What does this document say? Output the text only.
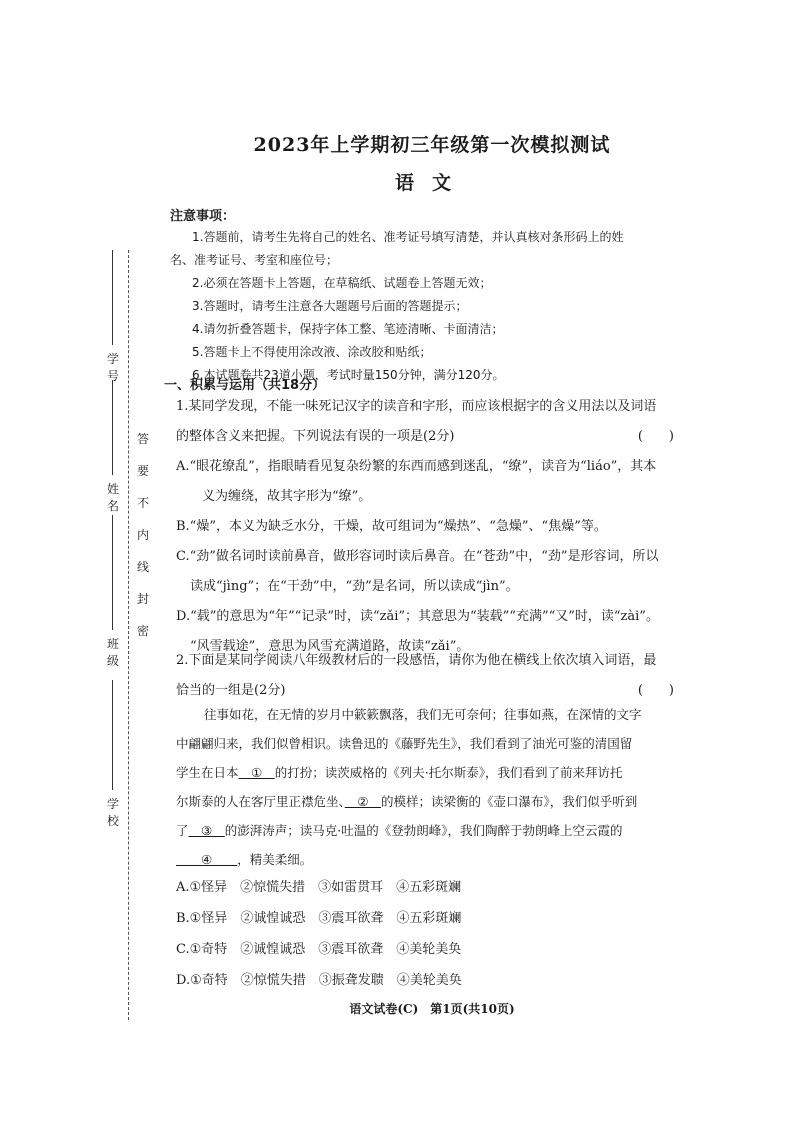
学号
姓名
班级
学校
答
要
不
内
线
封
密
2023年上学期初三年级第一次模拟测试
语文
注意事项：

1.答题前，请考生先将自己的姓名、准考证号填写清楚，并认真核对条形码上的姓

名、准考证号、考室和座位号；

2.必须在答题卡上答题，在草稿纸、试题卷上答题无效；

3.答题时，请考生注意各大题题号后面的答题提示；

4.请勿折叠答题卡，保持字体工整、笔迹清晰、卡面清洁；

5.答题卡上不得使用涂改液、涂改胶和贴纸；

6.本试题卷共23道小题，考试时量150分钟，满分120分。

一、积累与运用（共18分）

1.某同学发现，不能一味死记汉字的读音和字形，而应该根据字的含义用法以及词语

的整体含义来把握。下列说法有误的一项是(2分)	(　　)

A.“眼花缭乱”，指眼睛看见复杂纷繁的东西而感到迷乱，“缭”，读音为“liáo”，其本

义为缠绕，故其字形为“缭”。

B.“燥”，本义为缺乏水分，干燥，故可组词为“燥热”、“急燥”、“焦燥”等。

C.“劲”做名词时读前鼻音，做形容词时读后鼻音。在“苍劲”中，“劲”是形容词，所以

读成“jìng”；在“干劲”中，“劲”是名词，所以读成“jìn”。

D.“载”的意思为“年”“记录”时，读“zǎi”；其意思为“装载”“充满”“又”时，读“zài”。

“风雪载途”，意思为风雪充满道路，故读“zǎi”。

2.下面是某同学阅读八年级教材后的一段感悟，请你为他在横线上依次填入词语，最

恰当的一组是(2分)	(　　)

往事如花，在无情的岁月中簌簌飘落，我们无可奈何；往事如燕，在深情的文字

中翩翩归来，我们似曾相识。读鲁迅的《藤野先生》，我们看到了油光可鉴的清国留

学生在日本　①　的打扮；读茨威格的《列夫·托尔斯泰》，我们看到了前来拜访托

尔斯泰的人在客厅里正襟危坐、　②　的模样；读梁衡的《壶口瀑布》，我们似乎听到

了　③　的澎湃涛声；读马克·吐温的《登勃朗峰》，我们陶醉于勃朗峰上空云霞的

　　④　　，精美柔细。

A.①怪异　②惊慌失措　③如雷贯耳　④五彩斑斓

B.①怪异　②诚惶诚恐　③震耳欲聋　④五彩斑斓

C.①奇特　②诚惶诚恐　③震耳欲聋　④美轮美奂

D.①奇特　②惊慌失措　③振聋发聩　④美轮美奂

语文试卷(C)　第1页(共10页)
